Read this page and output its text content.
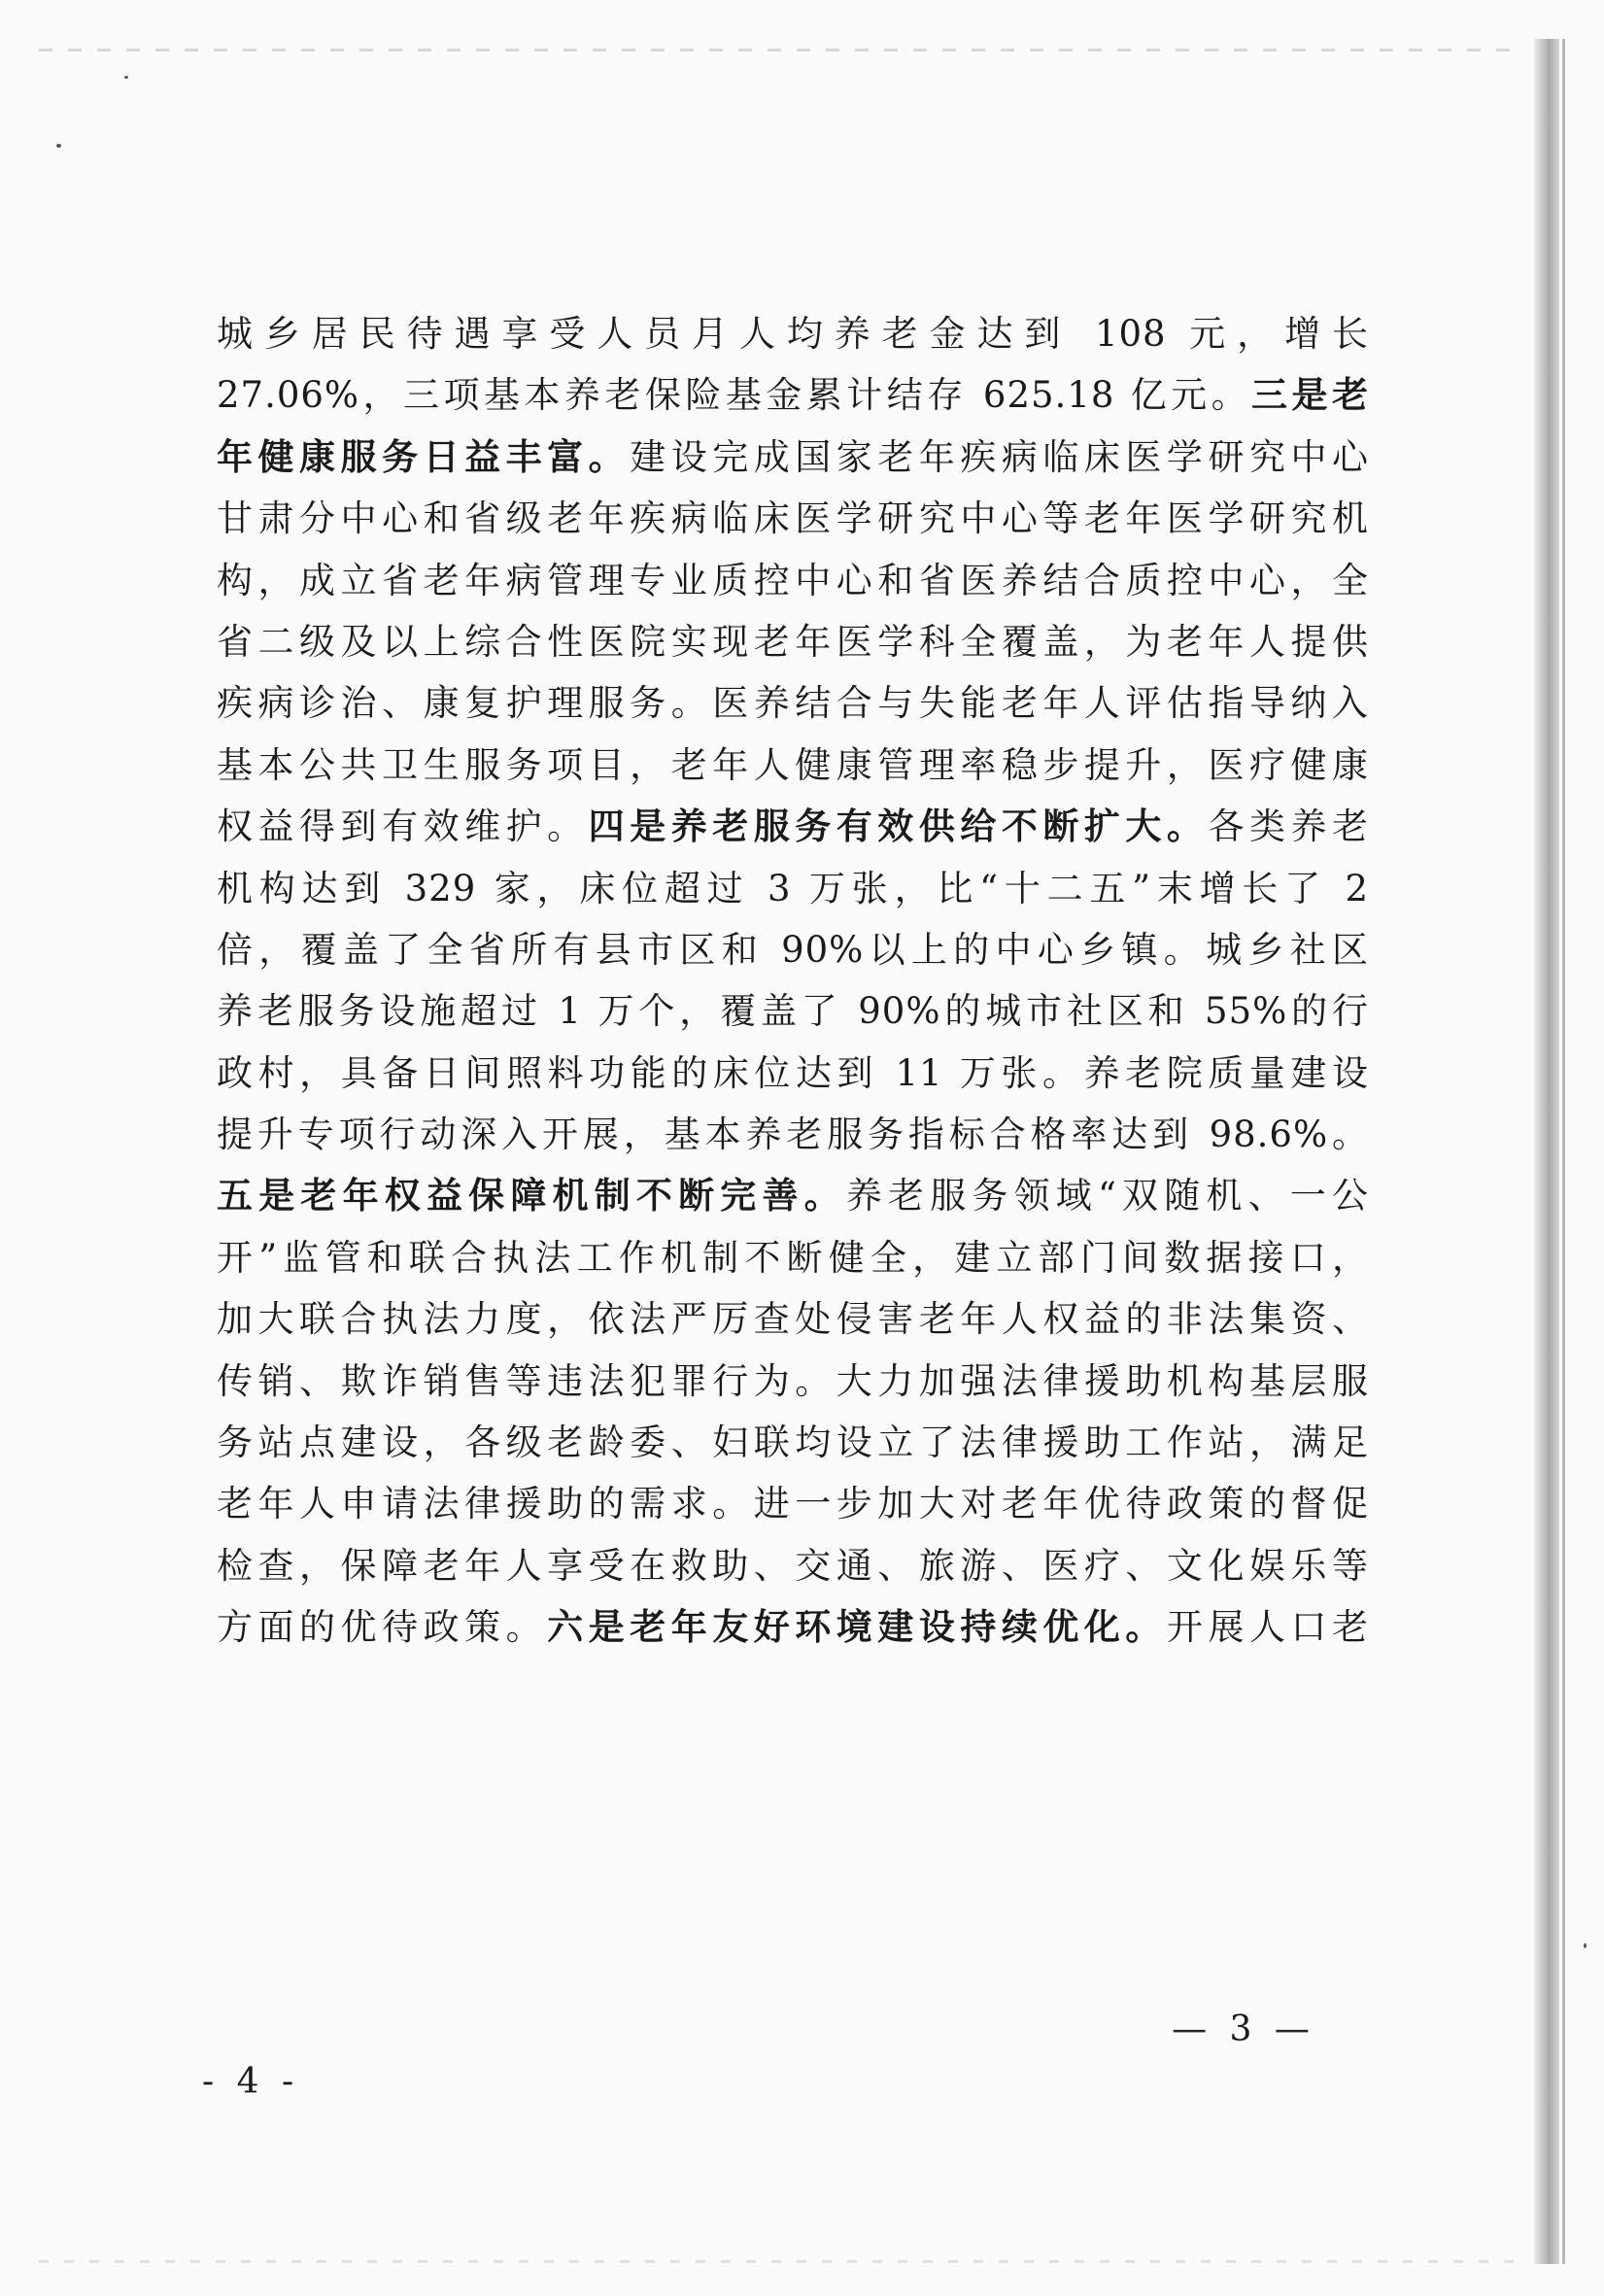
城乡居民待遇享受人员月人均养老金达到 108 元，增长
27.06%，三项基本养老保险基金累计结存 625.18 亿元。三是老
年健康服务日益丰富。建设完成国家老年疾病临床医学研究中心
甘肃分中心和省级老年疾病临床医学研究中心等老年医学研究机
构，成立省老年病管理专业质控中心和省医养结合质控中心，全
省二级及以上综合性医院实现老年医学科全覆盖，为老年人提供
疾病诊治、康复护理服务。医养结合与失能老年人评估指导纳入
基本公共卫生服务项目，老年人健康管理率稳步提升，医疗健康
权益得到有效维护。四是养老服务有效供给不断扩大。各类养老
机构达到 329 家，床位超过 3 万张，比“十二五”末增长了 2
倍，覆盖了全省所有县市区和 90%以上的中心乡镇。城乡社区
养老服务设施超过 1 万个，覆盖了 90%的城市社区和 55%的行
政村，具备日间照料功能的床位达到 11 万张。养老院质量建设
提升专项行动深入开展，基本养老服务指标合格率达到 98.6%。
五是老年权益保障机制不断完善。养老服务领域“双随机、一公
开”监管和联合执法工作机制不断健全，建立部门间数据接口，
加大联合执法力度，依法严厉查处侵害老年人权益的非法集资、
传销、欺诈销售等违法犯罪行为。大力加强法律援助机构基层服
务站点建设，各级老龄委、妇联均设立了法律援助工作站，满足
老年人申请法律援助的需求。进一步加大对老年优待政策的督促
检查，保障老年人享受在救助、交通、旅游、医疗、文化娱乐等
方面的优待政策。六是老年友好环境建设持续优化。开展人口老
— 3 —
- 4 -
